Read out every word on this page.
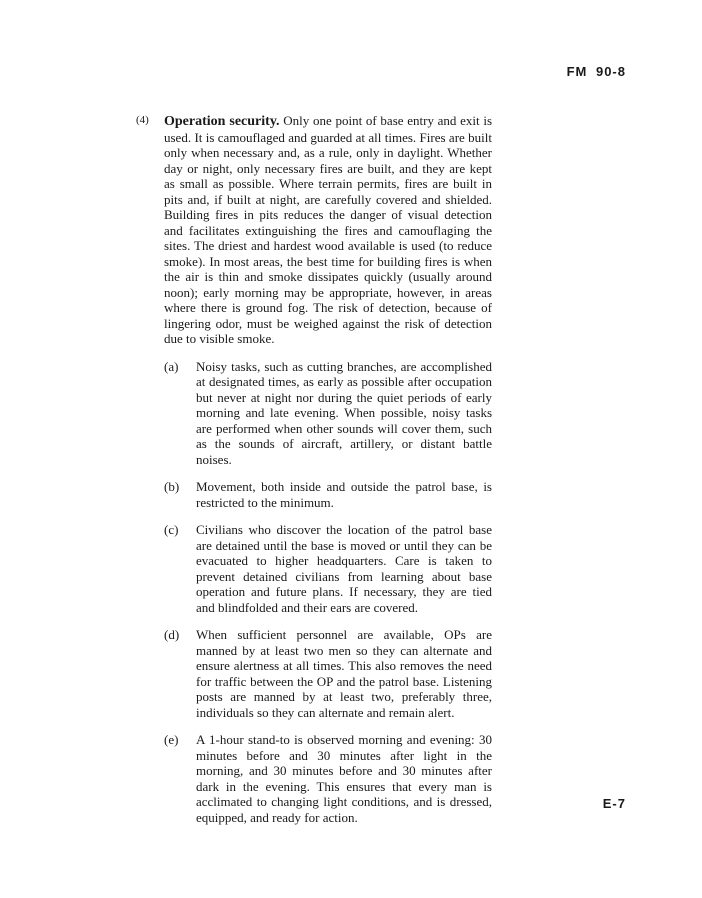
FM 90-8
(4)	Operation security. Only one point of base entry and exit is used. It is camouflaged and guarded at all times. Fires are built only when necessary and, as a rule, only in daylight. Whether day or night, only necessary fires are built, and they are kept as small as possible. Where terrain permits, fires are built in pits and, if built at night, are carefully covered and shielded. Building fires in pits reduces the danger of visual detection and facilitates extinguishing the fires and camouflaging the sites. The driest and hardest wood available is used (to reduce smoke). In most areas, the best time for building fires is when the air is thin and smoke dissipates quickly (usually around noon); early morning may be appropriate, however, in areas where there is ground fog. The risk of detection, because of lingering odor, must be weighed against the risk of detection due to visible smoke.
(a)	Noisy tasks, such as cutting branches, are accomplished at designated times, as early as possible after occupation but never at night nor during the quiet periods of early morning and late evening. When possible, noisy tasks are performed when other sounds will cover them, such as the sounds of aircraft, artillery, or distant battle noises.
(b)	Movement, both inside and outside the patrol base, is restricted to the minimum.
(c)	Civilians who discover the location of the patrol base are detained until the base is moved or until they can be evacuated to higher headquarters. Care is taken to prevent detained civilians from learning about base operation and future plans. If necessary, they are tied and blindfolded and their ears are covered.
(d)	When sufficient personnel are available, OPs are manned by at least two men so they can alternate and ensure alertness at all times. This also removes the need for traffic between the OP and the patrol base. Listening posts are manned by at least two, preferably three, individuals so they can alternate and remain alert.
(e)	A 1-hour stand-to is observed morning and evening: 30 minutes before and 30 minutes after light in the morning, and 30 minutes before and 30 minutes after dark in the evening. This ensures that every man is acclimated to changing light conditions, and is dressed, equipped, and ready for action.
E-7
